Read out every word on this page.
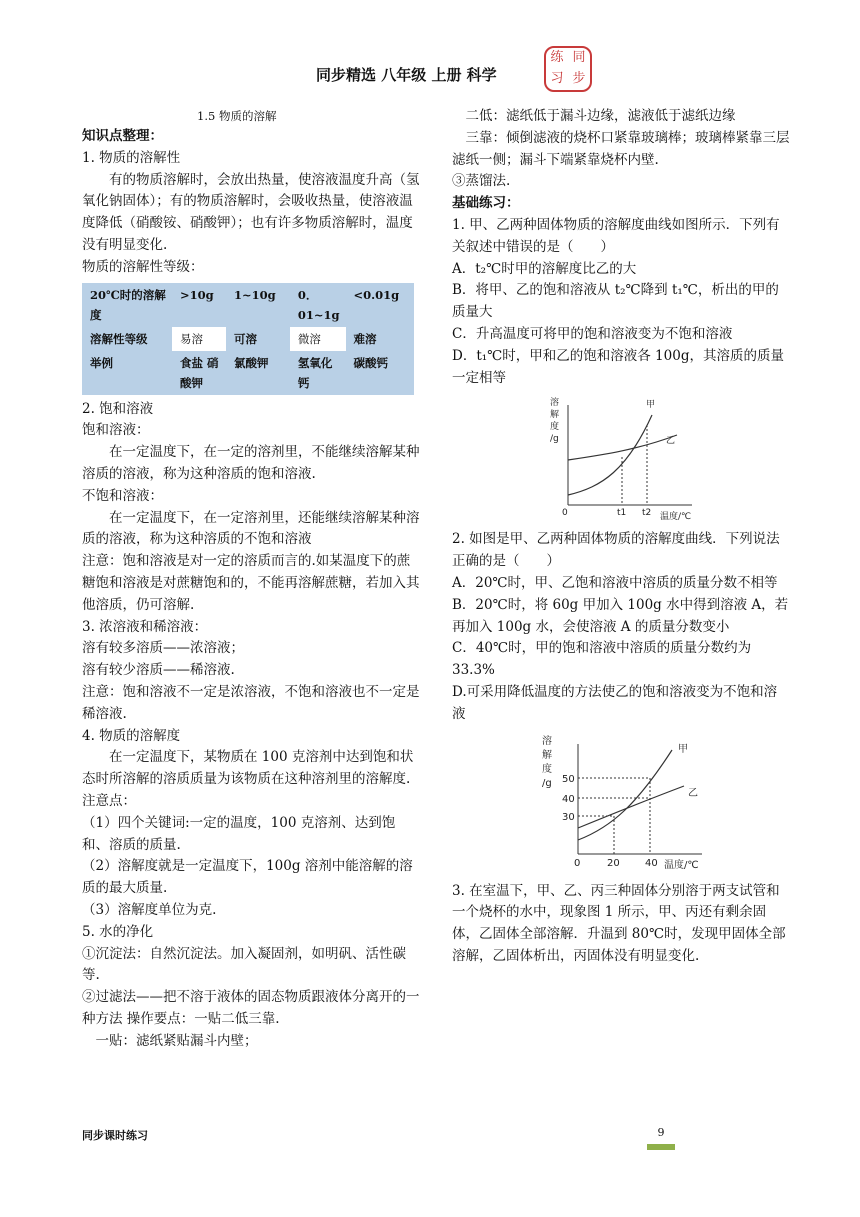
同步精选 八年级 上册 科学
练 同
习 步

1.5 物质的溶解

知识点整理：

1. 物质的溶解性

有的物质溶解时，会放出热量，使溶液温度升高（氢氧化钠固体）；有的物质溶解时，会吸收热量，使溶液温度降低（硝酸铵、硝酸钾）；也有许多物质溶解时，温度没有明显变化.

物质的溶解性等级：

20℃时的溶解度	>10g	1~10g	0．01~1g	<0.01g
溶解性等级	易溶	可溶	微溶	难溶
举例	食盐 硝酸钾	氯酸钾	氢氧化钙	碳酸钙

2. 饱和溶液

饱和溶液：

在一定温度下，在一定的溶剂里，不能继续溶解某种溶质的溶液，称为这种溶质的饱和溶液.

不饱和溶液：

在一定温度下，在一定溶剂里，还能继续溶解某种溶质的溶液，称为这种溶质的不饱和溶液

注意：饱和溶液是对一定的溶质而言的.如某温度下的蔗糖饱和溶液是对蔗糖饱和的，不能再溶解蔗糖，若加入其他溶质，仍可溶解.

3. 浓溶液和稀溶液：

溶有较多溶质——浓溶液；

溶有较少溶质——稀溶液.

注意：饱和溶液不一定是浓溶液，不饱和溶液也不一定是稀溶液.

4. 物质的溶解度

在一定温度下，某物质在 100 克溶剂中达到饱和状态时所溶解的溶质质量为该物质在这种溶剂里的溶解度.

注意点：

（1）四个关键词:一定的温度，100 克溶剂、达到饱和、溶质的质量.

（2）溶解度就是一定温度下，100g 溶剂中能溶解的溶质的最大质量.

（3）溶解度单位为克.

5. 水的净化

①沉淀法：自然沉淀法。加入凝固剂，如明矾、活性碳等.

②过滤法——把不溶于液体的固态物质跟液体分离开的一种方法 操作要点：一贴二低三靠.

一贴：滤纸紧贴漏斗内壁；

二低：滤纸低于漏斗边缘，滤液低于滤纸边缘

三靠：倾倒滤液的烧杯口紧靠玻璃棒；玻璃棒紧靠三层滤纸一侧；漏斗下端紧靠烧杯内壁.

③蒸馏法.

基础练习：

1. 甲、乙两种固体物质的溶解度曲线如图所示．下列有关叙述中错误的是（　　）

A．t₂℃时甲的溶解度比乙的大

B．将甲、乙的饱和溶液从 t₂℃降到 t₁℃，析出的甲的质量大

C．升高温度可将甲的饱和溶液变为不饱和溶液

D．t₁℃时，甲和乙的饱和溶液各 100g，其溶质的质量一定相等

溶
解
度
/g
甲
乙
0	t1 t2 温度/℃

2. 如图是甲、乙两种固体物质的溶解度曲线．下列说法正确的是（　　）

A．20℃时，甲、乙饱和溶液中溶质的质量分数不相等

B．20℃时，将 60g 甲加入 100g 水中得到溶液 A，若再加入 100g 水，会使溶液 A 的质量分数变小

C．40℃时，甲的饱和溶液中溶质的质量分数约为 33.3%

D.可采用降低温度的方法使乙的饱和溶液变为不饱和溶液

溶
解
度
/g
甲
乙
50
40
30
0	20	40 温度/℃

3. 在室温下，甲、乙、丙三种固体分别溶于两支试管和一个烧杯的水中，现象图 1 所示，甲、丙还有剩余固体，乙固体全部溶解．升温到 80℃时，发现甲固体全部溶解，乙固体析出，丙固体没有明显变化.

同步课时练习	9
